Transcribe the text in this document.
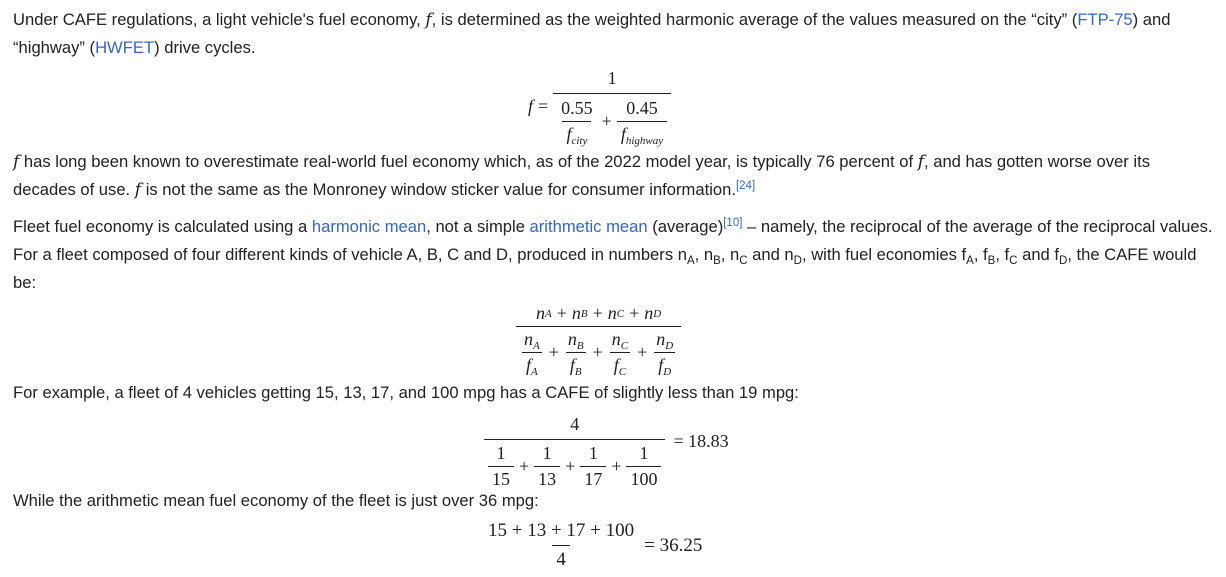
Under CAFE regulations, a light vehicle's fuel economy, f, is determined as the weighted harmonic average of the values measured on the “city” (FTP-75) and “highway” (HWFET) drive cycles.
f =
1
$\frac{0.55}{f_{city}} + \frac{0.45}{f_{highway}}$
f has long been known to overestimate real-world fuel economy which, as of the 2022 model year, is typically 76 percent of f, and has gotten worse over its decades of use. f is not the same as the Monroney window sticker value for consumer information.[24]
Fleet fuel economy is calculated using a harmonic mean, not a simple arithmetic mean (average)[10] – namely, the reciprocal of the average of the reciprocal values. For a fleet composed of four different kinds of vehicle A, B, C and D, produced in numbers $n_A$, $n_B$, $n_C$ and $n_D$, with fuel economies $f_A$, $f_B$, $f_C$ and $f_D$, the CAFE would be:
n A + n B + n C + n D
$\frac{n_A}{f_A} + \frac{n_B}{f_B} + \frac{n_C}{f_C} + \frac{n_D}{f_D}$
For example, a fleet of 4 vehicles getting 15, 13, 17, and 100 mpg has a CAFE of slightly less than 19 mpg:
$\frac{4}{\frac{1}{15} + \frac{1}{13} + \frac{1}{17} + \frac{1}{100}} = 18.83$
While the arithmetic mean fuel economy of the fleet is just over 36 mpg:
$\frac{15 + 13 + 17 + 100}{4} = 36.25$
